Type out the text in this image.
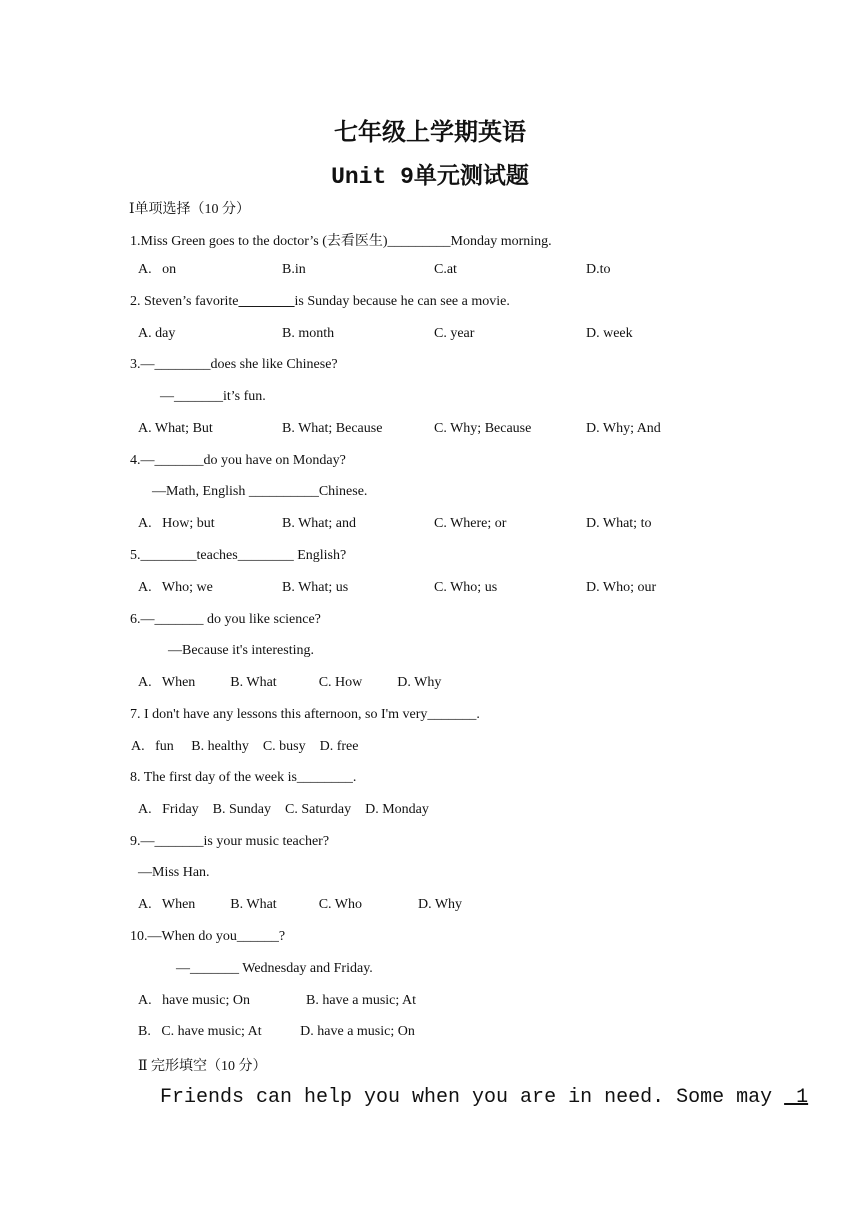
七年级上学期英语
Unit 9单元测试题
Ⅰ单项选择（10 分）
1.Miss Green goes to the doctor’s (去看医生)_________Monday morning.
A.   on	B.in	C.at	D.to
2. Steven’s favorite________is Sunday because he can see a movie.
A. day	B. month	C. year	D. week
3.—________does she like Chinese?
—_______it’s fun.
A. What; But	B. What; Because	C. Why; Because	D. Why; And
4.—_______do you have on Monday?
—Math, English __________Chinese.
A.   How; but	B. What; and	C. Where; or	D. What; to
5.________teaches________ English?
A.   Who; we	B. What; us	C. Who; us	D. Who; our
6.—_______ do you like science?
—Because it's interesting.
A.   When          B. What            C. How          D. Why
7. I don't have any lessons this afternoon, so I'm very_______.
A.   fun     B. healthy    C. busy    D. free
8. The first day of the week is________.
A.   Friday    B. Sunday    C. Saturday    D. Monday
9.—_______is your music teacher?
—Miss Han.
A.   When          B. What            C. Who                D. Why
10.—When do you______?
—_______ Wednesday and Friday.
A.   have music; On                B. have a music; At
B.   C. have music; At           D. have a music; On
Ⅱ 完形填空（10 分）
Friends can help you when you are in need. Some may  1
